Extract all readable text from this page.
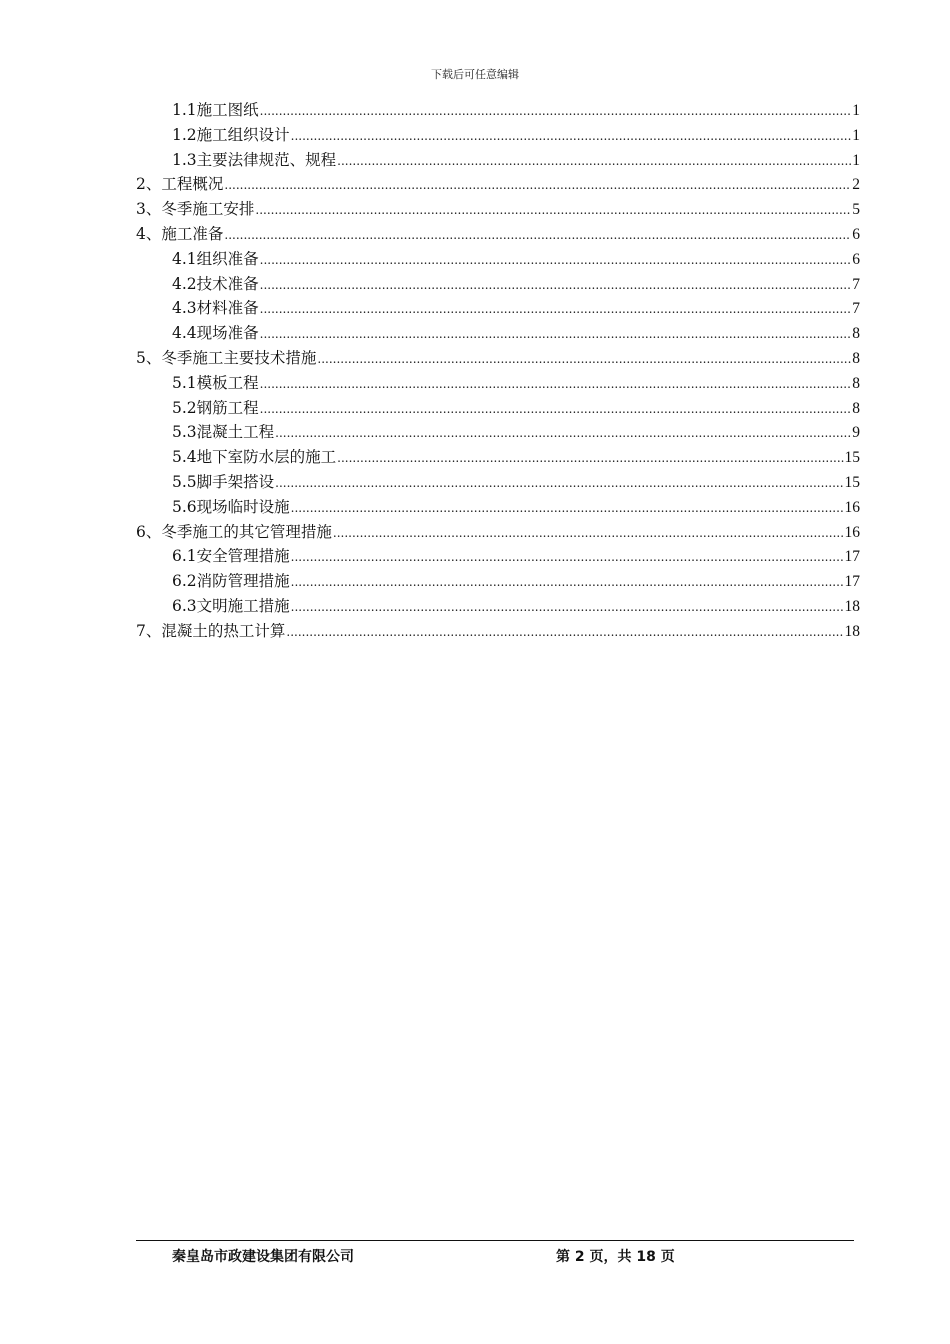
下载后可任意编辑
1.1施工图纸 .....	1
1.2施工组织设计 .....	1
1.3主要法律规范、规程 .....	1
2、工程概况 .....	2
3、冬季施工安排 .....	5
4、施工准备 .....	6
4.1组织准备 .....	6
4.2技术准备 .....	7
4.3材料准备 .....	7
4.4现场准备 .....	8
5、冬季施工主要技术措施 .....	8
5.1模板工程 .....	8
5.2钢筋工程 .....	8
5.3混凝土工程 .....	9
5.4地下室防水层的施工 .....	15
5.5脚手架搭设 .....	15
5.6现场临时设施 .....	16
6、冬季施工的其它管理措施 .....	16
6.1安全管理措施 .....	17
6.2消防管理措施 .....	17
6.3文明施工措施 .....	18
7、混凝土的热工计算 .....	18
秦皇岛市政建设集团有限公司	第 2 页，共 18 页
